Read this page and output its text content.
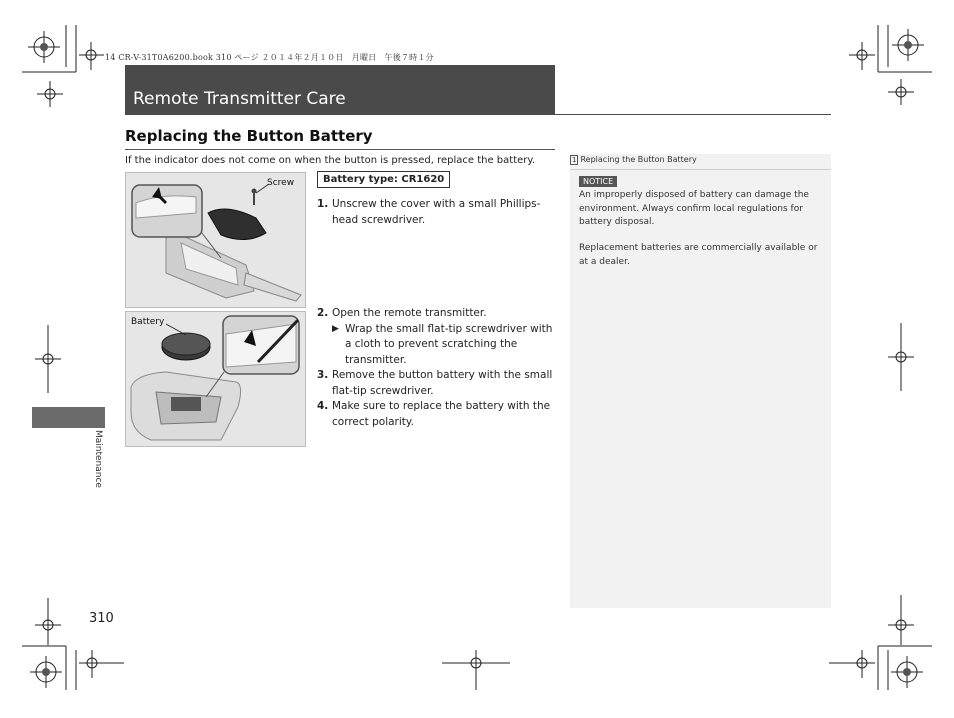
14 CR-V-31T0A6200.book 310 ページ ２０１４年２月１０日　月曜日　午後７時１分
Remote Transmitter Care
Replacing the Button Battery
If the indicator does not come on when the button is pressed, replace the battery.
Screw
Battery
Battery type: CR1620
1. Unscrew the cover with a small Phillips-head screwdriver.
2. Open the remote transmitter.
▶ Wrap the small flat-tip screwdriver with a cloth to prevent scratching the transmitter.
3. Remove the button battery with the small flat-tip screwdriver.
4. Make sure to replace the battery with the correct polarity.
1 Replacing the Button Battery
NOTICE
An improperly disposed of battery can damage the environment. Always confirm local regulations for battery disposal.
Replacement batteries are commercially available or at a dealer.
Maintenance
310
